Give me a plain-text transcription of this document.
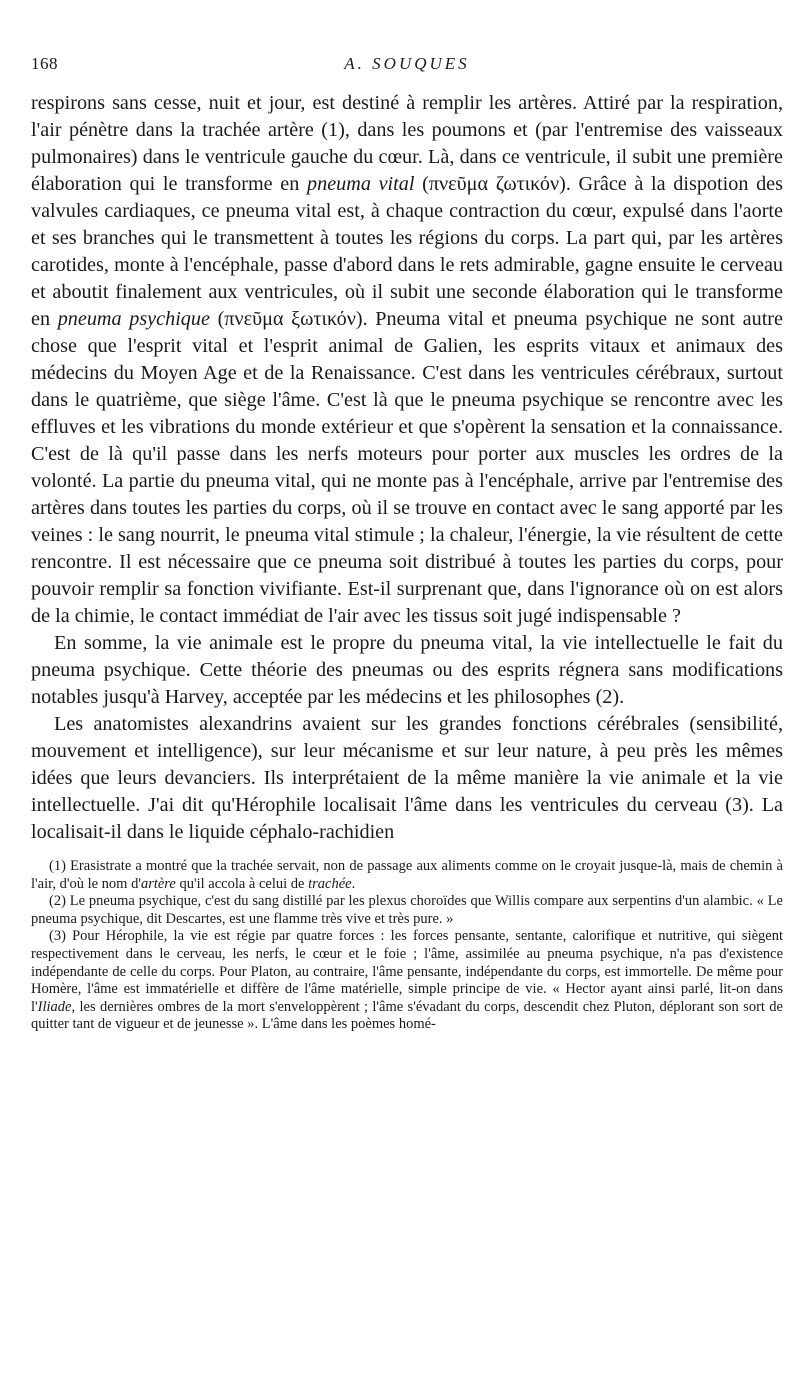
168	A. SOUQUES

respirons sans cesse, nuit et jour, est destiné à remplir les artères. Attiré par la respiration, l'air pénètre dans la trachée artère (1), dans les poumons et (par l'entremise des vaisseaux pulmonaires) dans le ventricule gauche du cœur. Là, dans ce ventricule, il subit une première élaboration qui le transforme en pneuma vital (πνεῦμα ζωτικόν). Grâce à la dispotion des valvules cardiaques, ce pneuma vital est, à chaque contraction du cœur, expulsé dans l'aorte et ses branches qui le transmettent à toutes les régions du corps. La part qui, par les artères carotides, monte à l'encéphale, passe d'abord dans le rets admirable, gagne ensuite le cerveau et aboutit finalement aux ventricules, où il subit une seconde élaboration qui le transforme en pneuma psychique (πνεῦμα ξωτικόν). Pneuma vital et pneuma psychique ne sont autre chose que l'esprit vital et l'esprit animal de Galien, les esprits vitaux et animaux des médecins du Moyen Age et de la Renaissance. C'est dans les ventricules cérébraux, surtout dans le quatrième, que siège l'âme. C'est là que le pneuma psychique se rencontre avec les effluves et les vibrations du monde extérieur et que s'opèrent la sensation et la connaissance. C'est de là qu'il passe dans les nerfs moteurs pour porter aux muscles les ordres de la volonté. La partie du pneuma vital, qui ne monte pas à l'encéphale, arrive par l'entremise des artères dans toutes les parties du corps, où il se trouve en contact avec le sang apporté par les veines : le sang nourrit, le pneuma vital stimule ; la chaleur, l'énergie, la vie résultent de cette rencontre. Il est nécessaire que ce pneuma soit distribué à toutes les parties du corps, pour pouvoir remplir sa fonction vivifiante. Est-il surprenant que, dans l'ignorance où on est alors de la chimie, le contact immédiat de l'air avec les tissus soit jugé indispensable ?

En somme, la vie animale est le propre du pneuma vital, la vie intellectuelle le fait du pneuma psychique. Cette théorie des pneumas ou des esprits régnera sans modifications notables jusqu'à Harvey, acceptée par les médecins et les philosophes (2).

Les anatomistes alexandrins avaient sur les grandes fonctions cérébrales (sensibilité, mouvement et intelligence), sur leur mécanisme et sur leur nature, à peu près les mêmes idées que leurs devanciers. Ils interprétaient de la même manière la vie animale et la vie intellectuelle. J'ai dit qu'Hérophile localisait l'âme dans les ventricules du cerveau (3). La localisait-il dans le liquide céphalo-rachidien

(1) Erasistrate a montré que la trachée servait, non de passage aux aliments comme on le croyait jusque-là, mais de chemin à l'air, d'où le nom d'artère qu'il accola à celui de trachée.

(2) Le pneuma psychique, c'est du sang distillé par les plexus choroïdes que Willis compare aux serpentins d'un alambic. « Le pneuma psychique, dit Descartes, est une flamme très vive et très pure. »

(3) Pour Hérophile, la vie est régie par quatre forces : les forces pensante, sentante, calorifique et nutritive, qui siègent respectivement dans le cerveau, les nerfs, le cœur et le foie ; l'âme, assimilée au pneuma psychique, n'a pas d'existence indépendante de celle du corps. Pour Platon, au contraire, l'âme pensante, indépendante du corps, est immortelle. De même pour Homère, l'âme est immatérielle et diffère de l'âme matérielle, simple principe de vie. « Hector ayant ainsi parlé, lit-on dans l'Iliade, les dernières ombres de la mort s'enveloppèrent ; l'âme s'évadant du corps, descendit chez Pluton, déplorant son sort de quitter tant de vigueur et de jeunesse ». L'âme dans les poèmes homé-
